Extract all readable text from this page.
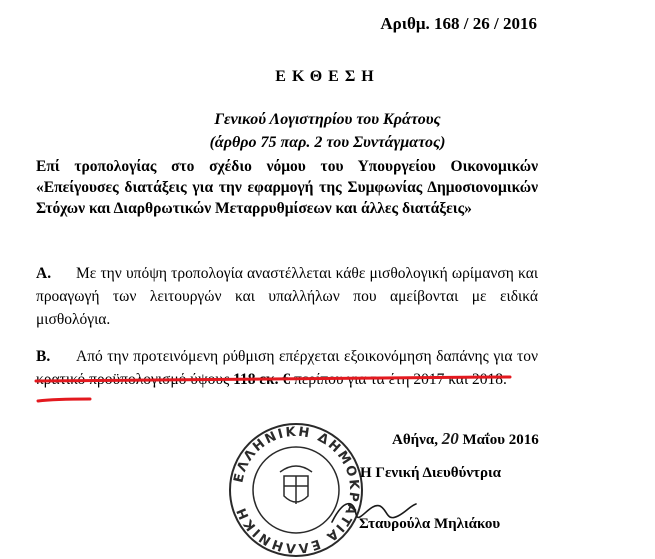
Αριθμ. 168 / 26 / 2016
ΕΚΘΕΣΗ
Γενικού Λογιστηρίου του Κράτους
(άρθρο 75 παρ. 2 του Συντάγματος)
Επί τροπολογίας στο σχέδιο νόμου του Υπουργείου Οικονομικών «Επείγουσες διατάξεις για την εφαρμογή της Συμφωνίας Δημοσιονομικών Στόχων και Διαρθρωτικών Μεταρρυθμίσεων και άλλες διατάξεις»
Α. Με την υπόψη τροπολογία αναστέλλεται κάθε μισθολογική ωρίμανση και προαγωγή των λειτουργών και υπαλλήλων που αμείβονται με ειδικά μισθολόγια.
Β. Από την προτεινόμενη ρύθμιση επέρχεται εξοικονόμηση δαπάνης για τον κρατικό προϋπολογισμό ύψους 118 εκ. € περίπου για τα έτη 2017 και 2018.
ΕΛΛΗΝΙΚΗ ΔΗΜΟΚΡΑΤΙΑ ΕΛΛΗΝΙΚΗ
Αθήνα, 20 Μαΐου 2016
Η Γενική Διευθύντρια
Σταυρούλα Μηλιάκου
